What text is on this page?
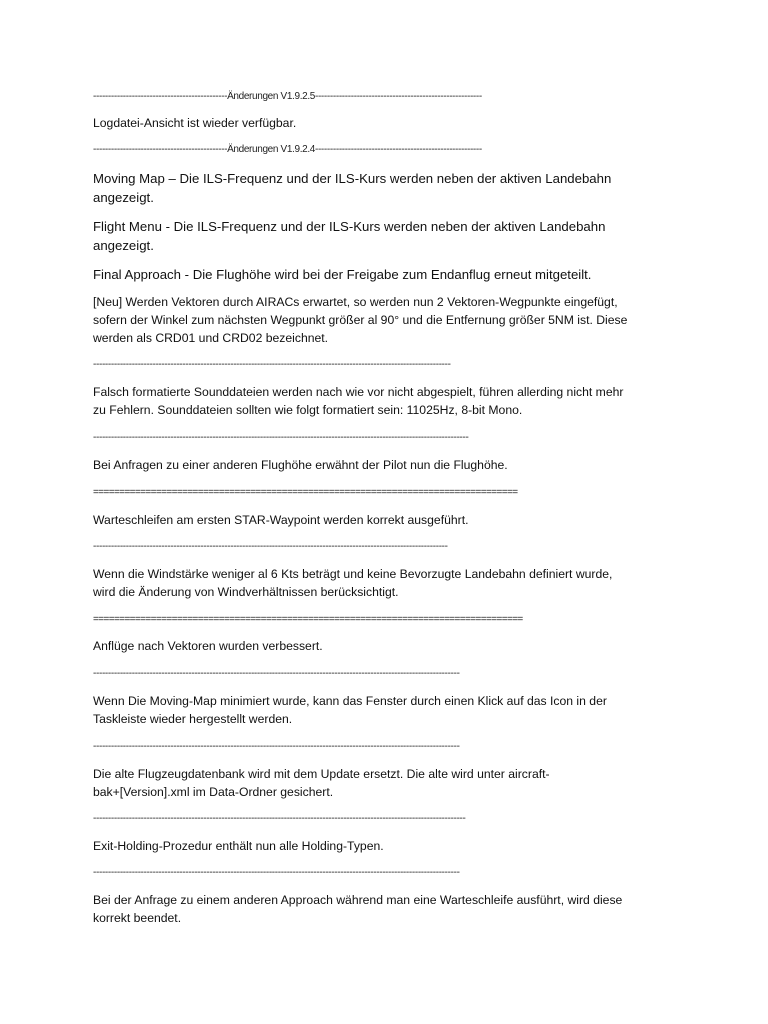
---------------------------------------------Änderungen V1.9.2.5--------------------------------------------------------
Logdatei-Ansicht ist wieder verfügbar.
---------------------------------------------Änderungen V1.9.2.4--------------------------------------------------------
Moving Map – Die ILS-Frequenz und der ILS-Kurs werden neben der aktiven Landebahn
angezeigt.
Flight Menu - Die ILS-Frequenz und der ILS-Kurs werden neben der aktiven Landebahn
angezeigt.
Final Approach - Die Flughöhe wird bei der Freigabe zum Endanflug erneut mitgeteilt.
[Neu] Werden Vektoren durch AIRACs erwartet, so werden nun 2 Vektoren-Wegpunkte eingefügt,
sofern der Winkel zum nächsten Wegpunkt größer al 90° und die Entfernung größer 5NM ist. Diese
werden als CRD01 und CRD02 bezeichnet.
------------------------------------------------------------------------------------------------------------------------
Falsch formatierte Sounddateien werden nach wie vor nicht abgespielt, führen allerding nicht mehr
zu Fehlern. Sounddateien sollten wie folgt formatiert sein: 11025Hz, 8-bit Mono.
------------------------------------------------------------------------------------------------------------------------------
Bei Anfragen zu einer anderen Flughöhe erwähnt der Pilot nun die Flughöhe.
=================================================================================
Warteschleifen am ersten STAR-Waypoint werden korrekt ausgeführt.
-----------------------------------------------------------------------------------------------------------------------
Wenn die Windstärke weniger al 6 Kts beträgt und keine Bevorzugte Landebahn definiert wurde,
wird die Änderung von Windverhältnissen berücksichtigt.
==================================================================================
Anflüge nach Vektoren wurden verbessert.
---------------------------------------------------------------------------------------------------------------------------
Wenn Die Moving-Map minimiert wurde, kann das Fenster durch einen Klick auf das Icon in der
Taskleiste wieder hergestellt werden.
---------------------------------------------------------------------------------------------------------------------------
Die alte Flugzeugdatenbank wird mit dem Update ersetzt. Die alte wird unter aircraft-
bak+[Version].xml im Data-Ordner gesichert.
-----------------------------------------------------------------------------------------------------------------------------
Exit-Holding-Prozedur enthält nun alle Holding-Typen.
---------------------------------------------------------------------------------------------------------------------------
Bei der Anfrage zu einem anderen Approach während man eine Warteschleife ausführt, wird diese
korrekt beendet.
